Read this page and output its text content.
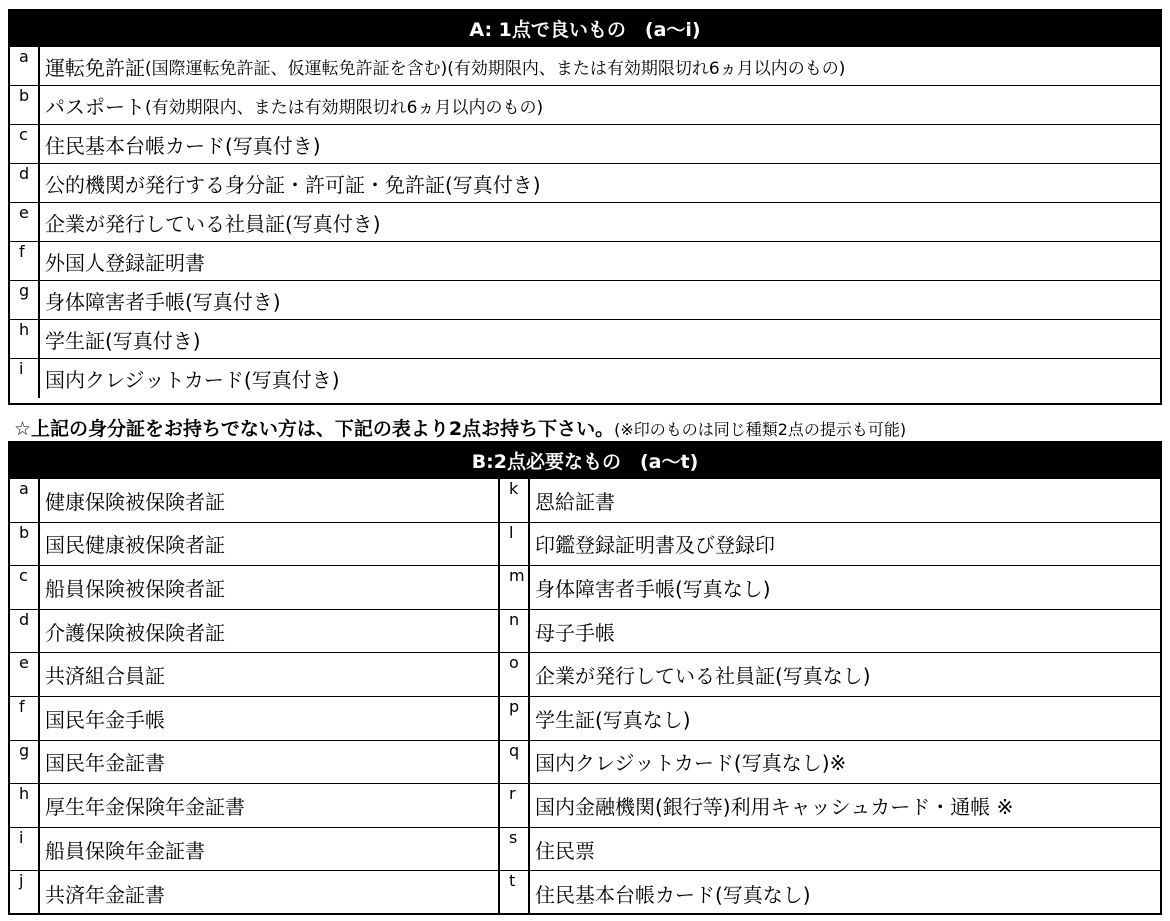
A: 1点で良いもの　(a〜i)
a 運転免許証 (国際運転免許証、仮運転免許証を含む)(有効期限内、または有効期限切れ6ヵ月以内のもの)
b パスポート (有効期限内、または有効期限切れ6ヵ月以内のもの)
c 住民基本台帳カード(写真付き)
d 公的機関が発行する身分証・許可証・免許証(写真付き)
e 企業が発行している社員証(写真付き)
f	外国人登録証明書
g 身体障害者手帳(写真付き)
h 学生証(写真付き)
i	国内クレジットカード(写真付き)
☆上記の身分証をお持ちでない方は、下記の表より2点お持ち下さい。(※印のものは同じ種類2点の提示も可能)
B:2点必要なもの　(a〜t)
a
健康保険被保険者証
k
恩給証書
b
国民健康被保険者証
l
印鑑登録証明書及び登録印
c
船員保険被保険者証
m
身体障害者手帳(写真なし)
d
介護保険被保険者証
n
母子手帳
e
共済組合員証
o
企業が発行している社員証(写真なし)
f
国民年金手帳
p
学生証(写真なし)
g
国民年金証書
q
国内クレジットカード(写真なし)※
h
厚生年金保険年金証書
r
国内金融機関(銀行等)利用キャッシュカード・通帳 ※
i
船員保険年金証書
s
住民票
j
共済年金証書
t
住民基本台帳カード(写真なし)
